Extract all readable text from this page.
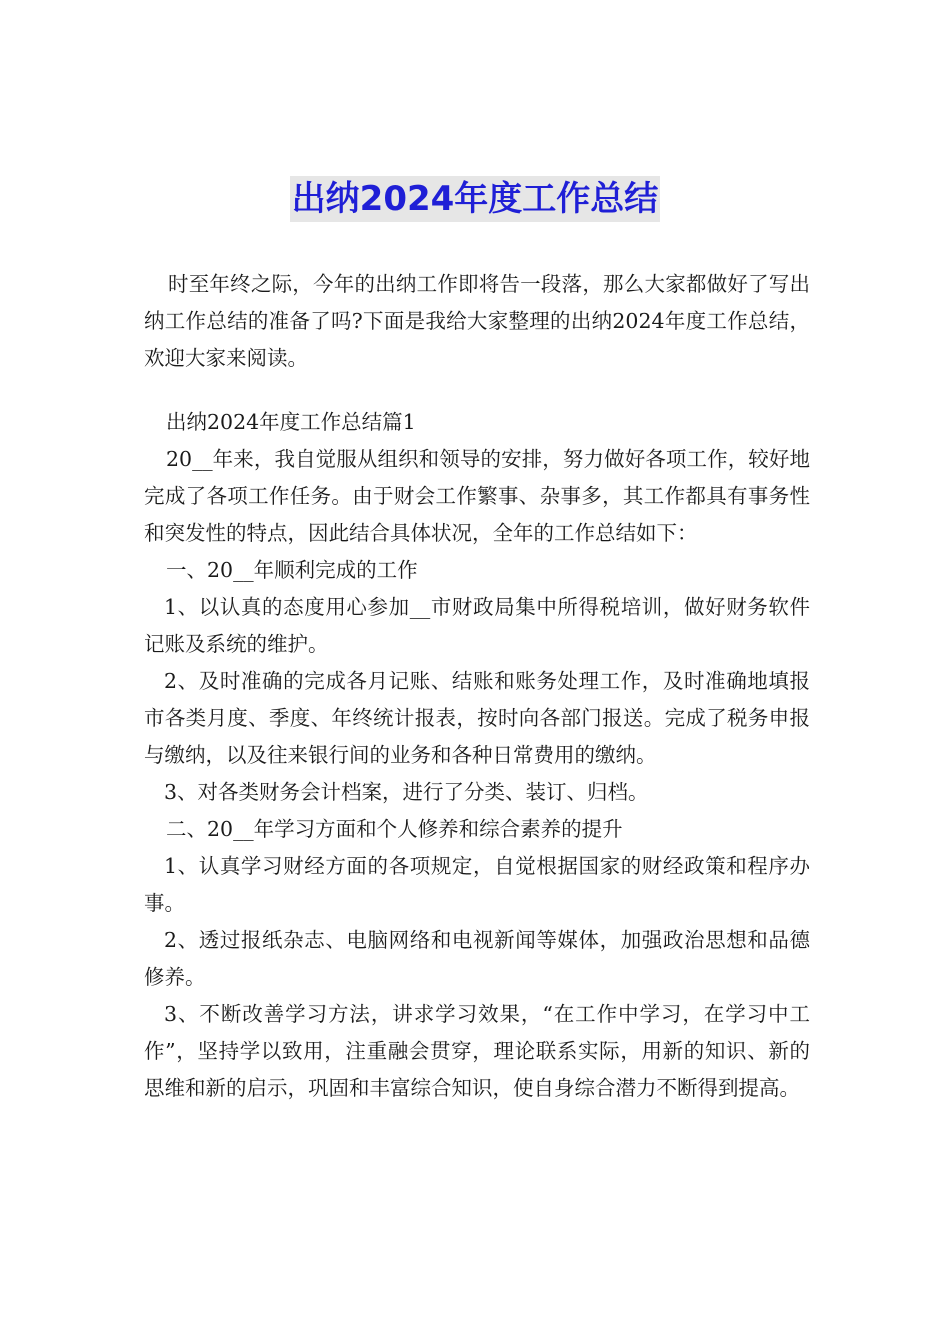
出纳2024年度工作总结

时至年终之际，今年的出纳工作即将告一段落，那么大家都做好了写出纳工作总结的准备了吗?下面是我给大家整理的出纳2024年度工作总结，欢迎大家来阅读。

出纳2024年度工作总结篇1

20__年来，我自觉服从组织和领导的安排，努力做好各项工作，较好地完成了各项工作任务。由于财会工作繁事、杂事多，其工作都具有事务性和突发性的特点，因此结合具体状况，全年的工作总结如下：

一、20__年顺利完成的工作

1、以认真的态度用心参加__市财政局集中所得税培训，做好财务软件记账及系统的维护。

2、及时准确的完成各月记账、结账和账务处理工作，及时准确地填报市各类月度、季度、年终统计报表，按时向各部门报送。完成了税务申报与缴纳，以及往来银行间的业务和各种日常费用的缴纳。

3、对各类财务会计档案，进行了分类、装订、归档。

二、20__年学习方面和个人修养和综合素养的提升

1、认真学习财经方面的各项规定，自觉根据国家的财经政策和程序办事。

2、透过报纸杂志、电脑网络和电视新闻等媒体，加强政治思想和品德修养。

3、不断改善学习方法，讲求学习效果，“在工作中学习，在学习中工作”，坚持学以致用，注重融会贯穿，理论联系实际，用新的知识、新的思维和新的启示，巩固和丰富综合知识，使自身综合潜力不断得到提高。
